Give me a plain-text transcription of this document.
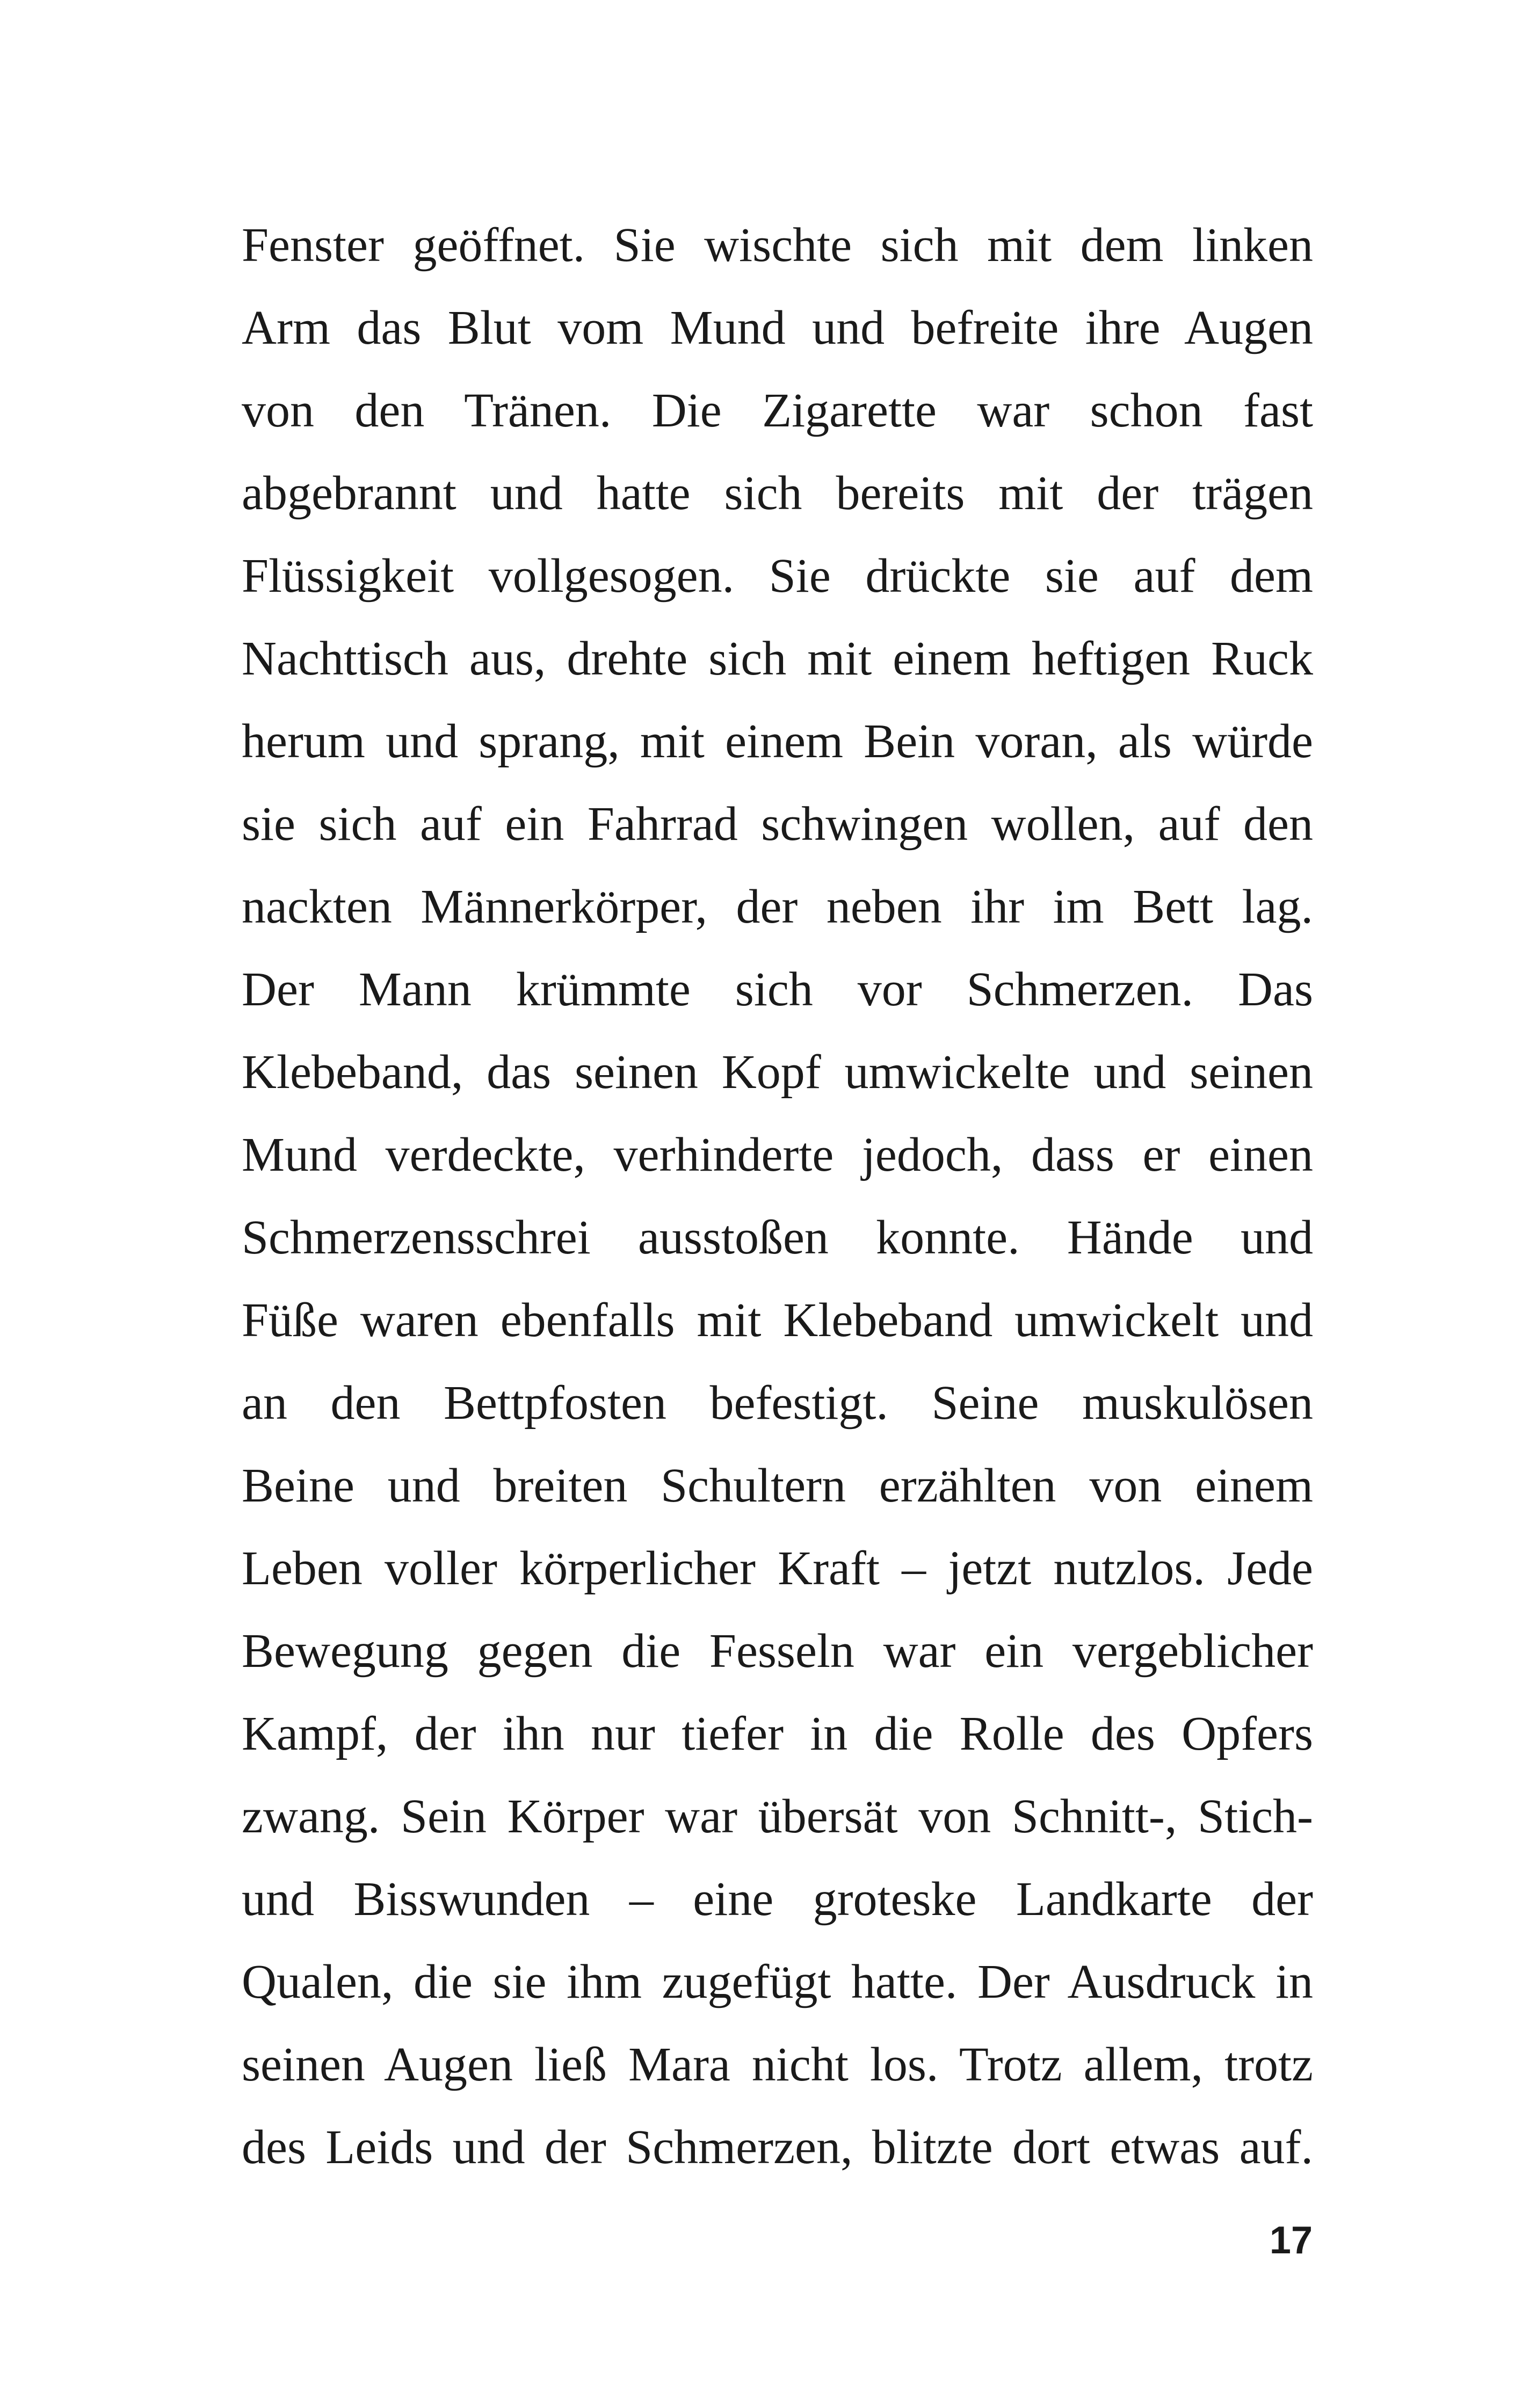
Fenster geöffnet. Sie wischte sich mit dem linken
Arm das Blut vom Mund und befreite ihre Augen
von den Tränen. Die Zigarette war schon fast
abgebrannt und hatte sich bereits mit der trägen
Flüssigkeit vollgesogen. Sie drückte sie auf dem
Nachttisch aus, drehte sich mit einem heftigen Ruck
herum und sprang, mit einem Bein voran, als würde
sie sich auf ein Fahrrad schwingen wollen, auf den
nackten Männerkörper, der neben ihr im Bett lag.
Der Mann krümmte sich vor Schmerzen. Das
Klebeband, das seinen Kopf umwickelte und seinen
Mund verdeckte, verhinderte jedoch, dass er einen
Schmerzensschrei ausstoßen konnte. Hände und
Füße waren ebenfalls mit Klebeband umwickelt und
an den Bettpfosten befestigt. Seine muskulösen
Beine und breiten Schultern erzählten von einem
Leben voller körperlicher Kraft – jetzt nutzlos. Jede
Bewegung gegen die Fesseln war ein vergeblicher
Kampf, der ihn nur tiefer in die Rolle des Opfers
zwang. Sein Körper war übersät von Schnitt-, Stich-
und Bisswunden – eine groteske Landkarte der
Qualen, die sie ihm zugefügt hatte. Der Ausdruck in
seinen Augen ließ Mara nicht los. Trotz allem, trotz
des Leids und der Schmerzen, blitzte dort etwas auf.
17
